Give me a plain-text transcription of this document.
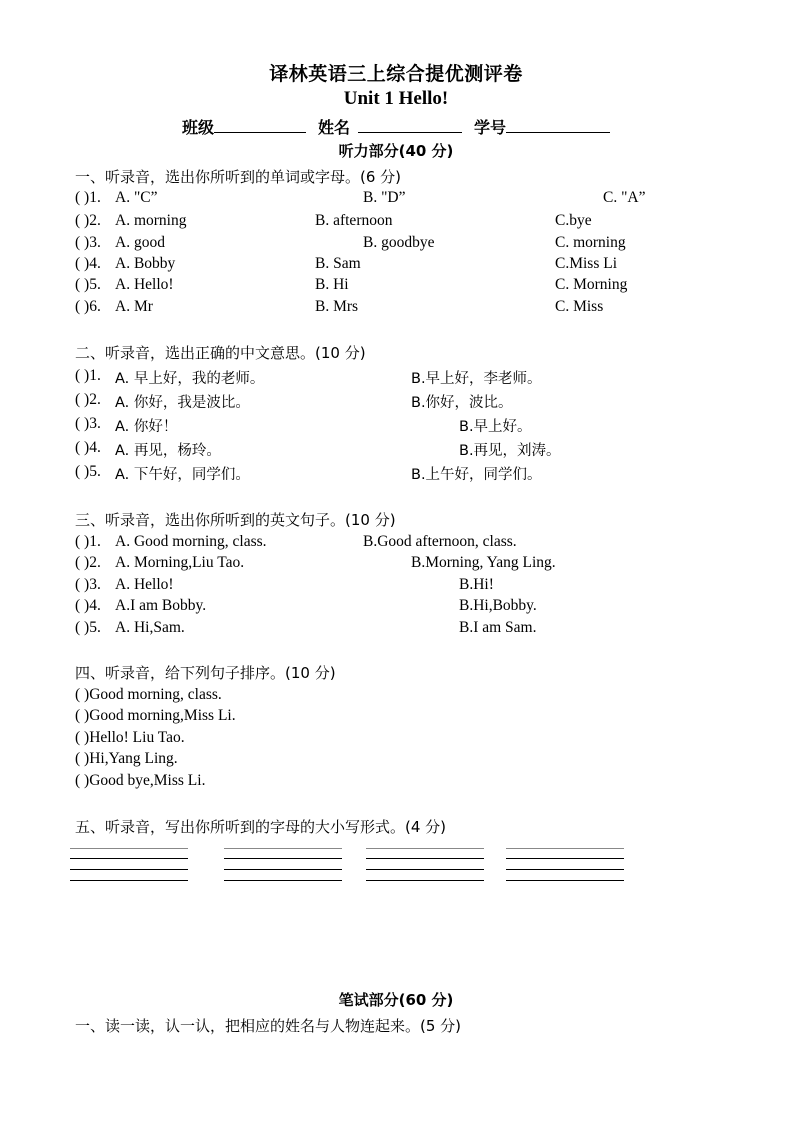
译林英语三上综合提优测评卷
Unit 1 Hello!
班级	姓名	学号
听力部分(40 分)
一、听录音，选出你所听到的单词或字母。(6 分)
( )1. A. "C”	B. "D”	C. "A”
( )2. A. morning	B. afternoon	C.bye
( )3. A. good	B. goodbye	C. morning
( )4. A. Bobby	B. Sam	C.Miss Li
( )5. A. Hello!	B. Hi	C. Morning
( )6. A. Mr	B. Mrs	C. Miss
二、听录音，选出正确的中文意思。(10 分)
( )1. A. 早上好，我的老师。	B.早上好，李老师。
( )2. A. 你好，我是波比。	B.你好，波比。
( )3. A. 你好！	B.早上好。
( )4. A. 再见，杨玲。	B.再见，刘涛。
( )5. A. 下午好，同学们。	B.上午好，同学们。
三、听录音，选出你所听到的英文句子。(10 分)
( )1. A. Good morning, class.	B.Good afternoon, class.
( )2. A. Morning,Liu Tao.	B.Morning, Yang Ling.
( )3. A. Hello!	B.Hi!
( )4. A.I am Bobby.	B.Hi,Bobby.
( )5. A. Hi,Sam.	B.I am Sam.
四、听录音，给下列句子排序。(10 分)
( )Good morning, class.
( )Good morning,Miss Li.
( )Hello! Liu Tao.
( )Hi,Yang Ling.
( )Good bye,Miss Li.
五、听录音，写出你所听到的字母的大小写形式。(4 分)
笔试部分(60 分)
一、读一读，认一认，把相应的姓名与人物连起来。(5 分)
